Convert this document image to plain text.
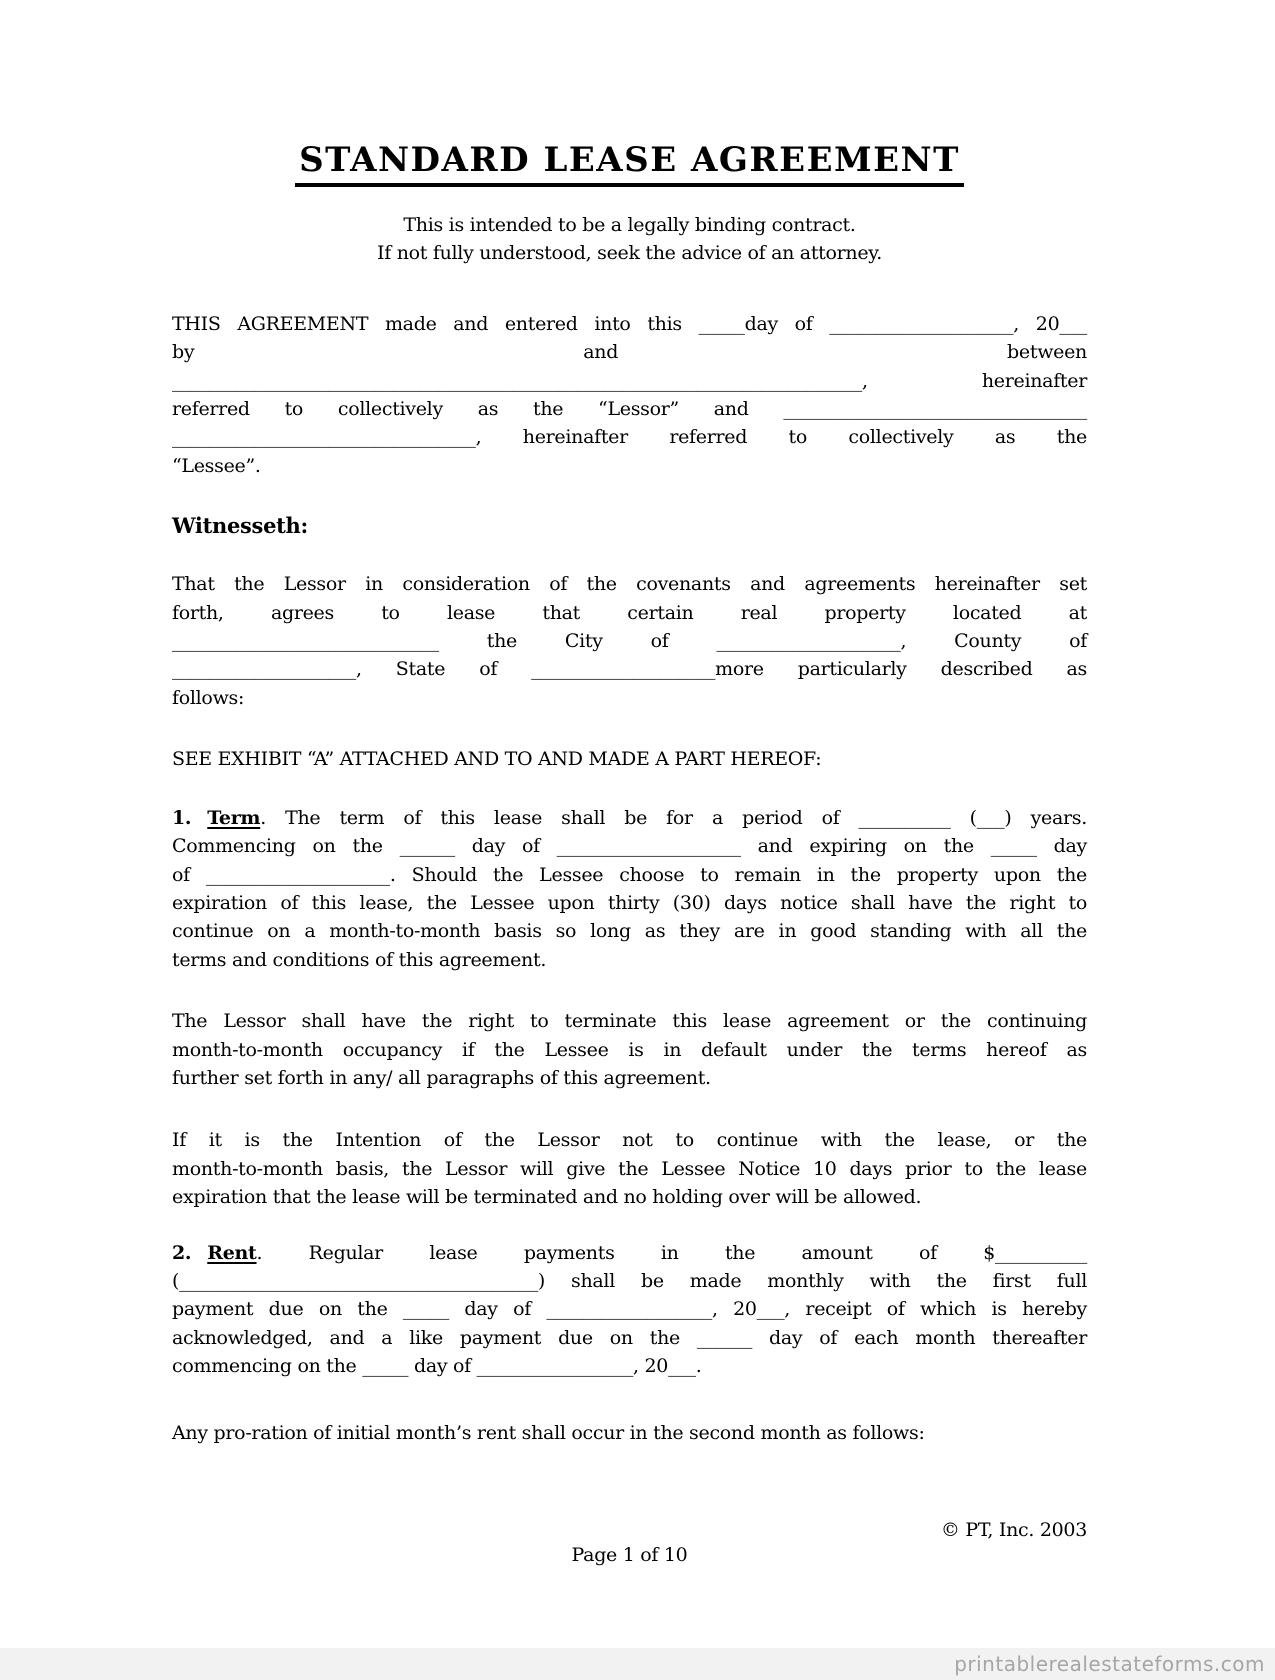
STANDARD LEASE AGREEMENT
This is intended to be a legally binding contract.
If not fully understood, seek the advice of an attorney.
THIS AGREEMENT made and entered into this _____day of ____________________, 20___
by and between
___________________________________________________________________________, hereinafter
referred to collectively as the “Lessor” and _________________________________
_________________________________, hereinafter referred to collectively as the
“Lessee”.
Witnesseth:
That the Lessor in consideration of the covenants and agreements hereinafter set
forth, agrees to lease that certain real property located at
_____________________________ the City of ____________________, County of
____________________, State of ____________________more particularly described as
follows:
SEE EXHIBIT “A” ATTACHED AND TO AND MADE A PART HEREOF:
1. Term. The term of this lease shall be for a period of __________ (___) years.
Commencing on the ______ day of ____________________ and expiring on the _____ day
of ____________________. Should the Lessee choose to remain in the property upon the
expiration of this lease, the Lessee upon thirty (30) days notice shall have the right to
continue on a month-to-month basis so long as they are in good standing with all the
terms and conditions of this agreement.
The Lessor shall have the right to terminate this lease agreement or the continuing
month-to-month occupancy if the Lessee is in default under the terms hereof as
further set forth in any/ all paragraphs of this agreement.
If it is the Intention of the Lessor not to continue with the lease, or the
month-to-month basis, the Lessor will give the Lessee Notice 10 days prior to the lease
expiration that the lease will be terminated and no holding over will be allowed.
2. Rent. Regular lease payments in the amount of $__________
(_______________________________________) shall be made monthly with the first full
payment due on the _____ day of __________________, 20___, receipt of which is hereby
acknowledged, and a like payment due on the ______ day of each month thereafter
commencing on the _____ day of _________________, 20___.
Any pro-ration of initial month’s rent shall occur in the second month as follows:
© PT, Inc. 2003
Page 1 of 10
printablerealestateforms.com
